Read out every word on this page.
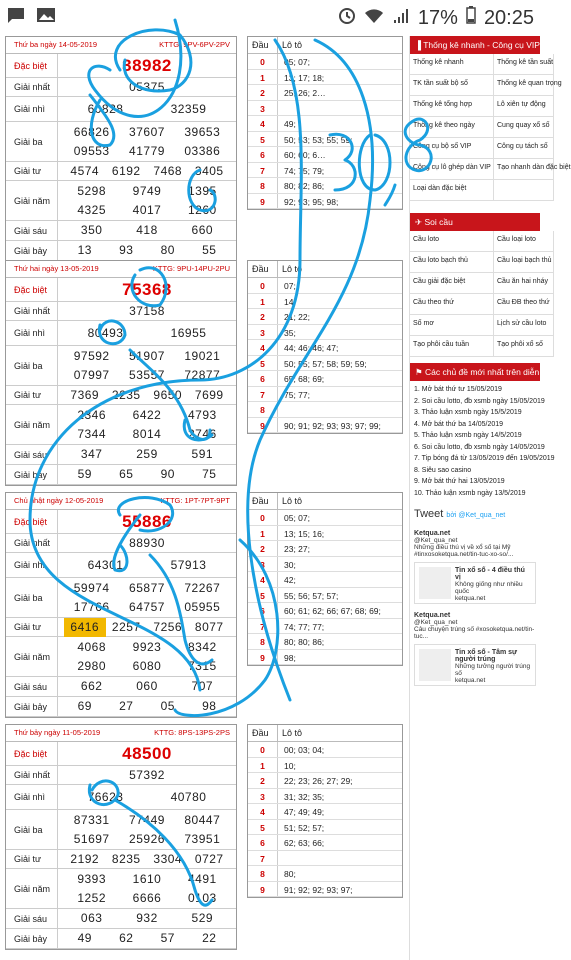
17% 20:25
▐ Thống kê nhanh - Công cụ VIP
Thống kê nhanh	Thống kê tần suất
TK tần suất bộ số	Thống kê quan trọng
Thống kê tổng hợp	Lô xiên tự động
Thống kê theo ngày	Cung quay xổ số
Công cụ bộ số VIP	Công cụ tách số
Công cụ lô ghép dàn VIP Tạo nhanh dàn đặc biệt
Loại dàn đặc biệt
✈ Soi cầu
Cầu loto	Cầu loại loto
Cầu loto bạch thủ	Cầu loại bạch thủ
Cầu giải đặc biệt	Cầu ăn hai nháy
Cầu theo thứ	Cầu ĐB theo thứ
Số mơ	Lịch sử cầu loto
Tạo phôi cầu tuần	Tạo phôi xổ số
⚑ Các chủ đề mới nhất trên diễn đàn
1. Mở bát thứ tư 15/05/2019
2. Soi cầu lotto, đb xsmb ngày 15/05/2019
3. Thảo luận xsmb ngày 15/5/2019
4. Mở bát thứ ba 14/05/2019
5. Thảo luận xsmb ngày 14/5/2019
6. Soi cầu lotto, đb xsmb ngày 14/05/2019
7. Tip bóng đá từ 13/05/2019 đến 19/05/2019
8. Siêu sao casino
9. Mở bát thứ hai 13/05/2019
10. Thảo luận xsmb ngày 13/5/2019
Tweet bởi @Ket_qua_net
Ketqua.net
@Ket_qua_net
Những điều thú vị về xổ số tại Mỹ #tinxosoketqua.net/tin-tuc-xo-so/...
Tin xổ số - 4 điều thú vị
Không giống như nhiều quốc
ketqua.net
Ketqua.net
@Ket_qua_net
Câu chuyện trúng số #xosoketqua.net/tin-tuc...
Tin xổ số - Tâm sự người trúng
Những tưởng người trúng số
ketqua.net
Thứ ba ngày 14-05-2019	KTTG: 9PV-6PV-2PV
Đặc biệt	38982
Giải nhất	05375
Giải nhì	60828	32359
Giải ba
66826	37607	39653
09553	41779	03386
Giải tư	4574	6192	7468	3405
Giải năm
5298	9749	1395
4325	4017	1260
Giải sáu	350	418	660
Giải bảy	13	93	80	55
Thứ hai ngày 13-05-2019	KTTG: 9PU-14PU-2PU
Đặc biệt	75368
Giải nhất	37158
Giải nhì	80493	16955
Giải ba
97592	51907	19021
07997	53557	72877
Giải tư	7369	2235	9650	7699
Giải năm
2346	6422	4793
7344	8014	2746
Giải sáu	347	259	591
Giải bảy	59	65	90	75
Chủ nhật ngày 12-05-2019	KTTG: 1PT-7PT-9PT
Đặc biệt	55886
Giải nhất	88930
Giải nhì	64301	57913
Giải ba
59974	65877	72267
17766	64757	05955
Giải tư	6416	2257	7256	8077
Giải năm
4068	9923	8342
2980	6080	7315
Giải sáu	662	060	707
Giải bảy	69	27	05	98
Thứ bảy ngày 11-05-2019	KTTG: 8PS-13PS-2PS
Đặc biệt	48500
Giải nhất	57392
Giải nhì	76623	40780
Giải ba
87331	77449	80447
51697	25926	73951
Giải tư	2192	8235	3304	0727
Giải năm
9393	1610	4491
1252	6666	0103
Giải sáu	063	932	529
Giải bảy	49	62	57	22
Đầu	Lô tô
0	05; 07;
1	13; 17; 18;
2	25; 26; 2…
3
4	49;
5	50; 53; 53; 55; 59;
6	60; 60; 6…
7	74; 75; 79;
8	80; 82; 86;
9	92; 93; 95; 98;
Đầu	Lô tô
0	07;
1	14;
2	21; 22;
3	35;
4	44; 46; 46; 47;
5	50; 55; 57; 58; 59; 59;
6	65; 68; 69;
7	75; 77;
8
9	90; 91; 92; 93; 93; 97; 99;
Đầu	Lô tô
0	05; 07;
1	13; 15; 16;
2	23; 27;
3	30;
4	42;
5	55; 56; 57; 57;
6	60; 61; 62; 66; 67; 68; 69;
7	74; 77; 77;
8	80; 80; 86;
9	98;
Đầu	Lô tô
0	00; 03; 04;
1	10;
2	22; 23; 26; 27; 29;
3	31; 32; 35;
4	47; 49; 49;
5	51; 52; 57;
6	62; 63; 66;
7
8	80;
9	91; 92; 92; 93; 97;
